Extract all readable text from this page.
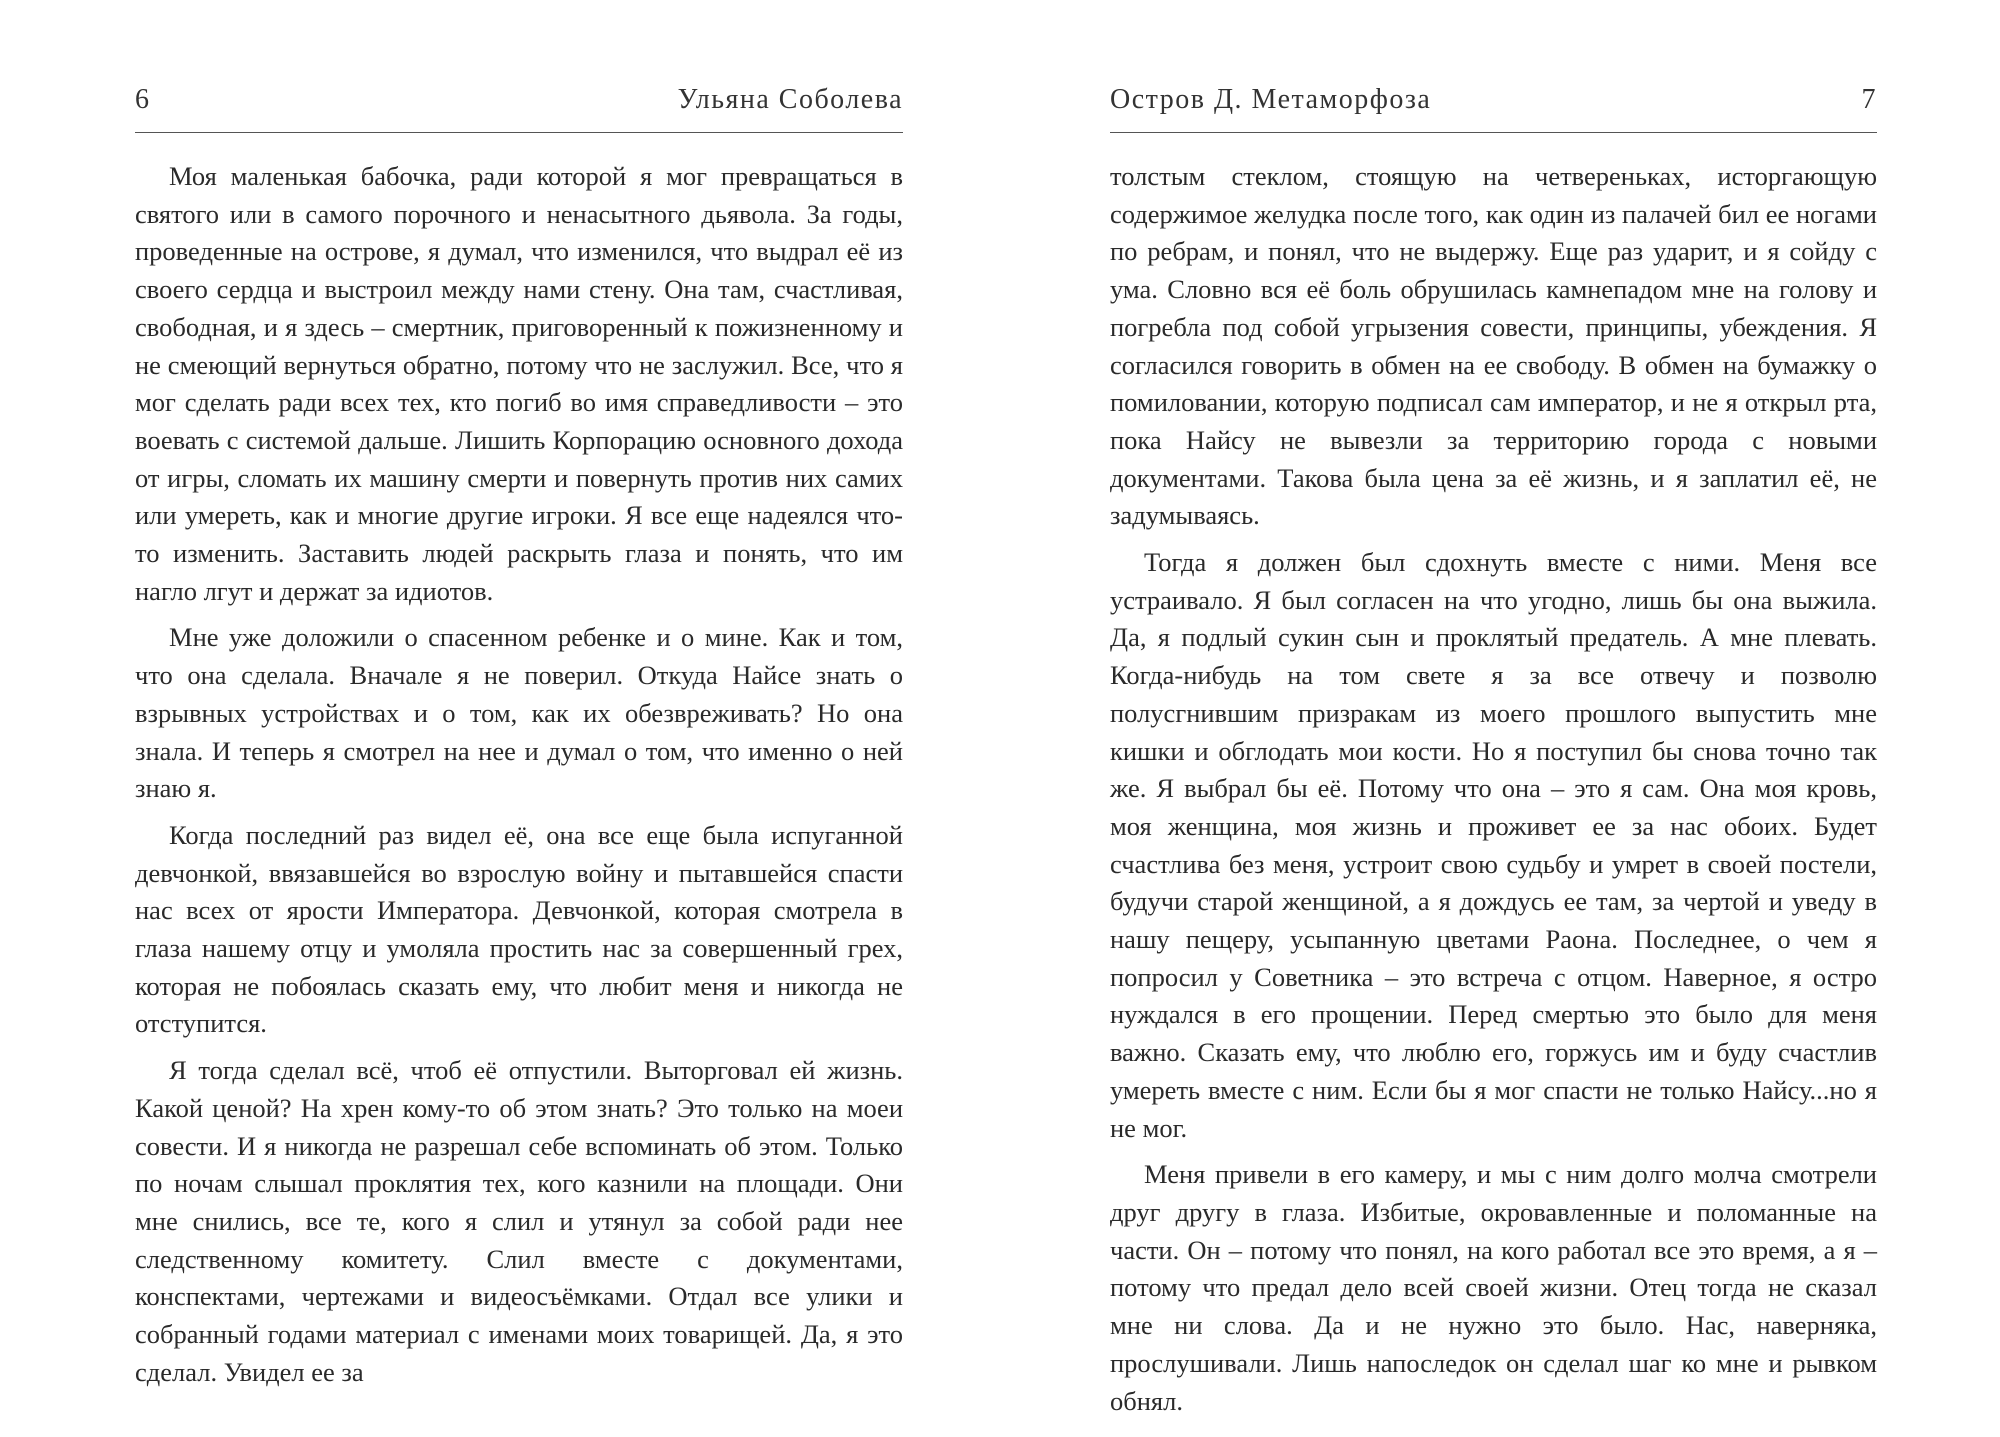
6	Ульяна Соболева

Моя маленькая бабочка, ради которой я мог превращаться в святого или в самого порочного и ненасытного дьявола. За годы, проведенные на острове, я думал, что изменился, что выдрал её из своего сердца и выстроил между нами стену. Она там, счастливая, свободная, и я здесь – смертник, приговоренный к пожизненному и не смеющий вернуться обратно, потому что не заслужил. Все, что я мог сделать ради всех тех, кто погиб во имя справедливости – это воевать с системой дальше. Лишить Корпорацию основного дохода от игры, сломать их машину смерти и повернуть против них самих или умереть, как и многие другие игроки. Я все еще надеялся что-то изменить. Заставить людей раскрыть глаза и понять, что им нагло лгут и держат за идиотов.

Мне уже доложили о спасенном ребенке и о мине. Как и том, что она сделала. Вначале я не поверил. Откуда Найсе знать о взрывных устройствах и о том, как их обезвреживать? Но она знала. И теперь я смотрел на нее и думал о том, что именно о ней знаю я.

Когда последний раз видел её, она все еще была испуганной девчонкой, ввязавшейся во взрослую войну и пытавшейся спасти нас всех от ярости Императора. Девчонкой, которая смотрела в глаза нашему отцу и умоляла простить нас за совершенный грех, которая не побоялась сказать ему, что любит меня и никогда не отступится.

Я тогда сделал всё, чтоб её отпустили. Выторговал ей жизнь. Какой ценой? На хрен кому-то об этом знать? Это только на моеи совести. И я никогда не разрешал себе вспоминать об этом. Только по ночам слышал проклятия тех, кого казнили на площади. Они мне снились, все те, кого я слил и утянул за собой ради нее следственному комитету. Слил вместе с документами, конспектами, чертежами и видеосъёмками. Отдал все улики и собранный годами материал с именами моих товарищей. Да, я это сделал. Увидел ее за

Остров Д. Метаморфоза	7

толстым стеклом, стоящую на четвереньках, исторгающую содержимое желудка после того, как один из палачей бил ее ногами по ребрам, и понял, что не выдержу. Еще раз ударит, и я сойду с ума. Словно вся её боль обрушилась камнепадом мне на голову и погребла под собой угрызения совести, принципы, убеждения. Я согласился говорить в обмен на ее свободу. В обмен на бумажку о помиловании, которую подписал сам император, и не я открыл рта, пока Найсу не вывезли за территорию города с новыми документами. Такова была цена за её жизнь, и я заплатил её, не задумываясь.

Тогда я должен был сдохнуть вместе с ними. Меня все устраивало. Я был согласен на что угодно, лишь бы она выжила. Да, я подлый сукин сын и проклятый предатель. А мне плевать. Когда-нибудь на том свете я за все отвечу и позволю полусгнившим призракам из моего прошлого выпустить мне кишки и обглодать мои кости. Но я поступил бы снова точно так же. Я выбрал бы её. Потому что она – это я сам. Она моя кровь, моя женщина, моя жизнь и проживет ее за нас обоих. Будет счастлива без меня, устроит свою судьбу и умрет в своей постели, будучи старой женщиной, а я дождусь ее там, за чертой и уведу в нашу пещеру, усыпанную цветами Раона. Последнее, о чем я попросил у Советника – это встреча с отцом. Наверное, я остро нуждался в его прощении. Перед смертью это было для меня важно. Сказать ему, что люблю его, горжусь им и буду счастлив умереть вместе с ним. Если бы я мог спасти не только Найсу...но я не мог.

Меня привели в его камеру, и мы с ним долго молча смотрели друг другу в глаза. Избитые, окровавленные и поломанные на части. Он – потому что понял, на кого работал все это время, а я – потому что предал дело всей своей жизни. Отец тогда не сказал мне ни слова. Да и не нужно это было. Нас, наверняка, прослушивали. Лишь напоследок он сделал шаг ко мне и рывком обнял.
